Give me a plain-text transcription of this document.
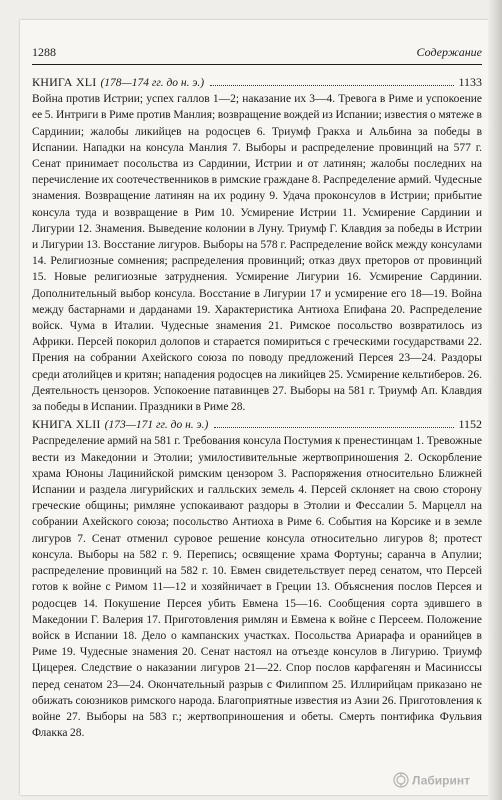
1288	Содержание
КНИГА XLI (178—174 гг. до н. э.)	1133

Война против Истрии; успех галлов 1—2; наказание их 3—4. Тревога в Риме и успокоение ее 5. Интриги в Риме против Манлия; возвращение вождей из Испании; известия о мятеже в Сардинии; жалобы ликийцев на родосцев 6. Триумф Гракха и Альбина за победы в Испании. Нападки на консула Манлия 7. Выборы и распределение провинций на 577 г. Сенат принимает посольства из Сардинии, Истрии и от латинян; жалобы последних на перечисление их соотечественников в римские граждане 8. Распределение армий. Чудесные знамения. Возвращение латинян на их родину 9. Удача проконсулов в Истрии; прибытие консула туда и возвращение в Рим 10. Усмирение Истрии 11. Усмирение Сардинии и Лигурии 12. Знамения. Выведение колонии в Луну. Триумф Г. Клавдия за победы в Истрии и Лигурии 13. Восстание лигуров. Выборы на 578 г. Распределение войск между консулами 14. Религиозные сомнения; распределения провинций; отказ двух преторов от провинций 15. Новые религиозные затруднения. Усмирение Лигурии 16. Усмирение Сардинии. Дополнительный выбор консула. Восстание в Лигурии 17 и усмирение его 18—19. Война между бастарнами и дарданами 19. Характеристика Антиоха Епифана 20. Распределение войск. Чума в Италии. Чудесные знамения 21. Римское посольство возвратилось из Африки. Персей покорил долопов и старается помириться с греческими государствами 22. Прения на собрании Ахейского союза по поводу предложений Персея 23—24. Раздоры среди атолийцев и критян; нападения родосцев на ликийцев 25. Усмирение кельтиберов. 26. Деятельность цензоров. Успокоение патавинцев 27. Выборы на 581 г. Триумф Ап. Клавдия за победы в Испании. Праздники в Риме 28.

КНИГА XLII (173—171 гг. до н. э.)	1152

Распределение армий на 581 г. Требования консула Постумия к пренестинцам 1. Тревожные вести из Македонии и Этолии; умилостивительные жертвоприношения 2. Оскорбление храма Юноны Лацинийской римским цензором 3. Распоряжения относительно Ближней Испании и раздела лигурийских и галльских земель 4. Персей склоняет на свою сторону греческие общины; римляне успокаивают раздоры в Этолии и Фессалии 5. Марцелл на собрании Ахейского союза; посольство Антиоха в Риме 6. События на Корсике и в земле лигуров 7. Сенат отменил суровое решение консула относительно лигуров 8; протест консула. Выборы на 582 г. 9. Перепись; освящение храма Фортуны; саранча в Апулии; распределение провинций на 582 г. 10. Евмен свидетельствует перед сенатом, что Персей готов к войне с Римом 11—12 и хозяйничает в Греции 13. Объяснения послов Персея и родосцев 14. Покушение Персея убить Евмена 15—16. Сообщения сорта эдившего в Македонии Г. Валерия 17. Приготовления римлян и Евмена к войне с Персеем. Положение войск в Испании 18. Дело о кампанских участках. Посольства Ариарафа и оранийцев в Риме 19. Чудесные знамения 20. Сенат настоял на отъезде консулов в Лигурию. Триумф Цицерея. Следствие о наказании лигуров 21—22. Спор послов карфагенян и Масиниссы перед сенатом 23—24. Окончательный разрыв с Филиппом 25. Иллирийцам приказано не обижать союзников римского народа. Благоприятные известия из Азии 26. Приготовления к войне 27. Выборы на 583 г.; жертвоприношения и обеты. Смерть понтифика Фульвия Флакка 28.

Лабиринт
